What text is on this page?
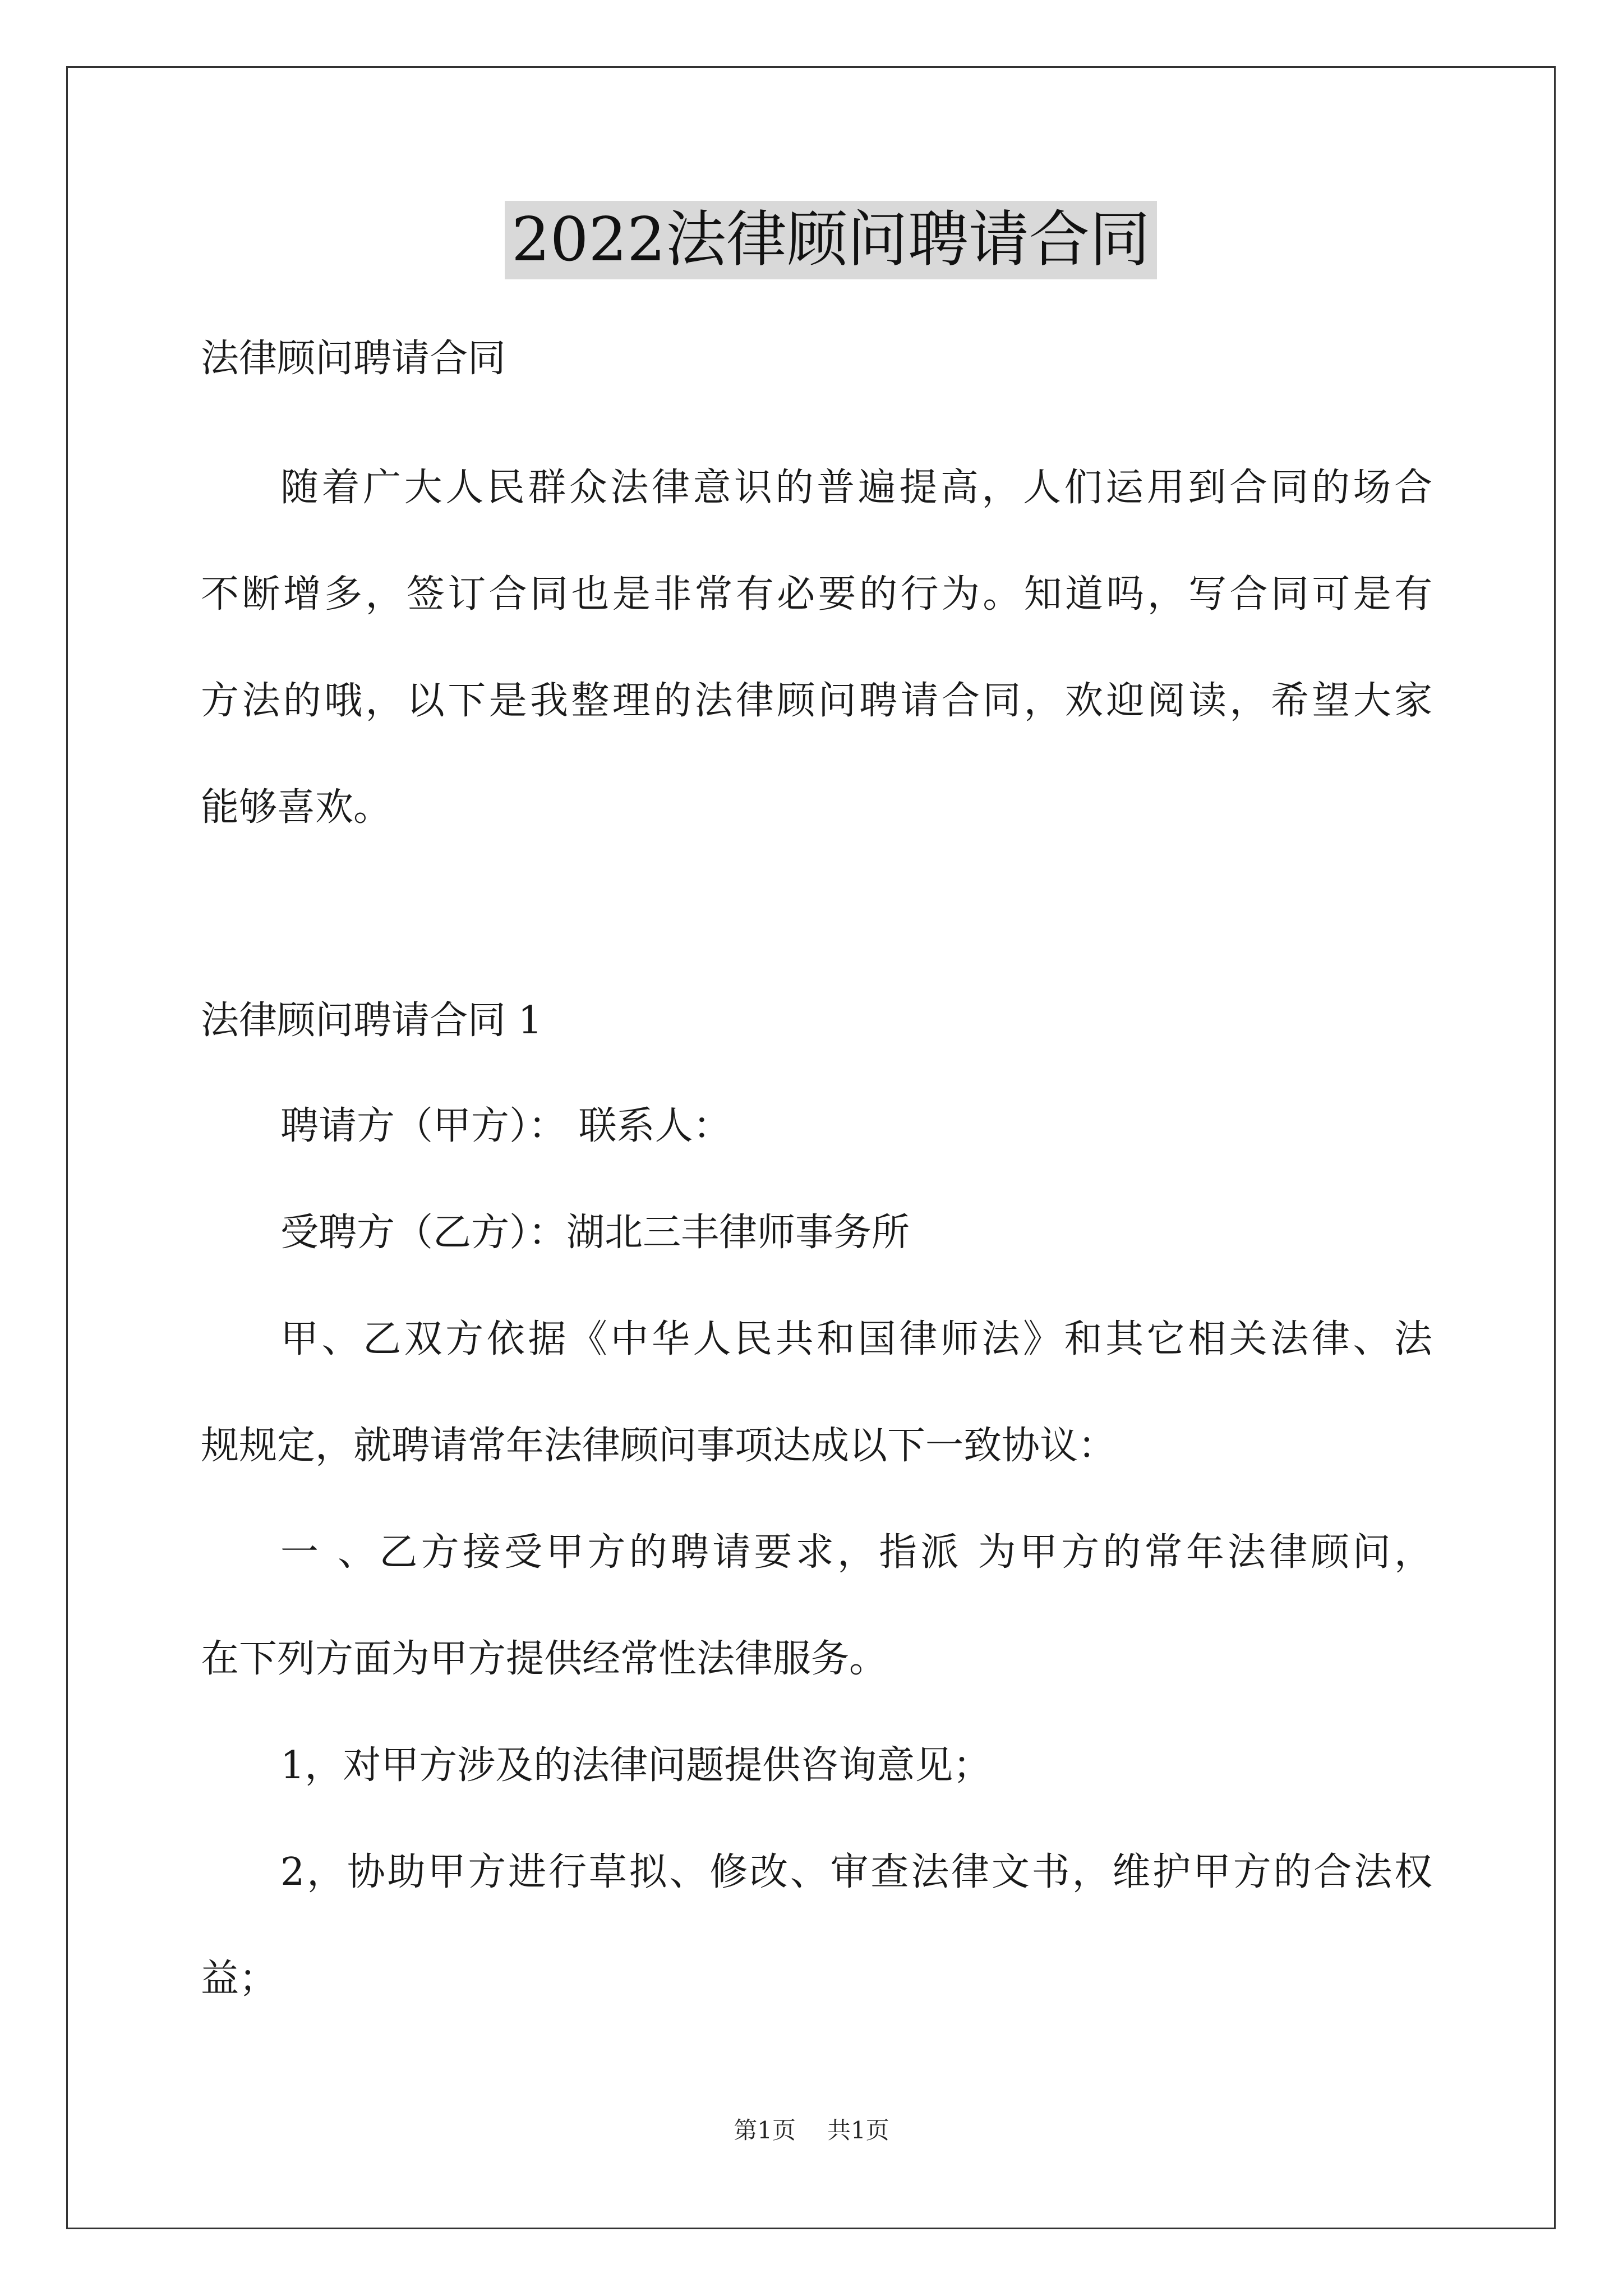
2022法律顾问聘请合同

法律顾问聘请合同

随着广大人民群众法律意识的普遍提高，人们运用到合同的场合

不断增多，签订合同也是非常有必要的行为。知道吗，写合同可是有

方法的哦，以下是我整理的法律顾问聘请合同，欢迎阅读，希望大家

能够喜欢。

法律顾问聘请合同 1

聘请方（甲方）： 联系人：

受聘方（乙方）：湖北三丰律师事务所

甲、乙双方依据《中华人民共和国律师法》和其它相关法律、法

规规定，就聘请常年法律顾问事项达成以下一致协议：

一 、乙方接受甲方的聘请要求，指派 为甲方的常年法律顾问，

在下列方面为甲方提供经常性法律服务。

1，对甲方涉及的法律问题提供咨询意见；

2，协助甲方进行草拟、修改、审查法律文书，维护甲方的合法权

益；

第1页 共1页
